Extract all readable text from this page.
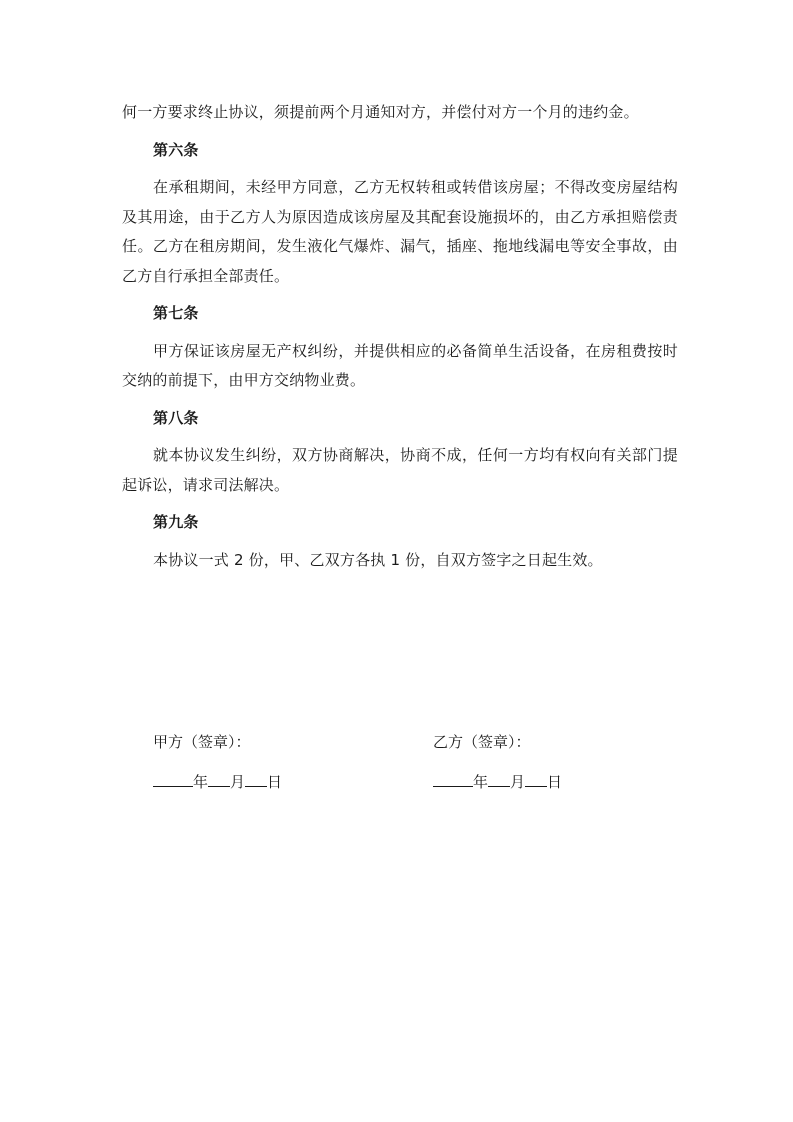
何一方要求终止协议，须提前两个月通知对方，并偿付对方一个月的违约金。

第六条

在承租期间，未经甲方同意，乙方无权转租或转借该房屋；不得改变房屋结构及其用途，由于乙方人为原因造成该房屋及其配套设施损坏的，由乙方承担赔偿责任。乙方在租房期间，发生液化气爆炸、漏气，插座、拖地线漏电等安全事故，由乙方自行承担全部责任。

第七条

甲方保证该房屋无产权纠纷，并提供相应的必备简单生活设备，在房租费按时交纳的前提下，由甲方交纳物业费。

第八条

就本协议发生纠纷，双方协商解决，协商不成，任何一方均有权向有关部门提起诉讼，请求司法解决。

第九条

本协议一式 2 份，甲、乙双方各执 1 份，自双方签字之日起生效。

甲方（签章）：
年 月 日
乙方（签章）：
年 月 日
